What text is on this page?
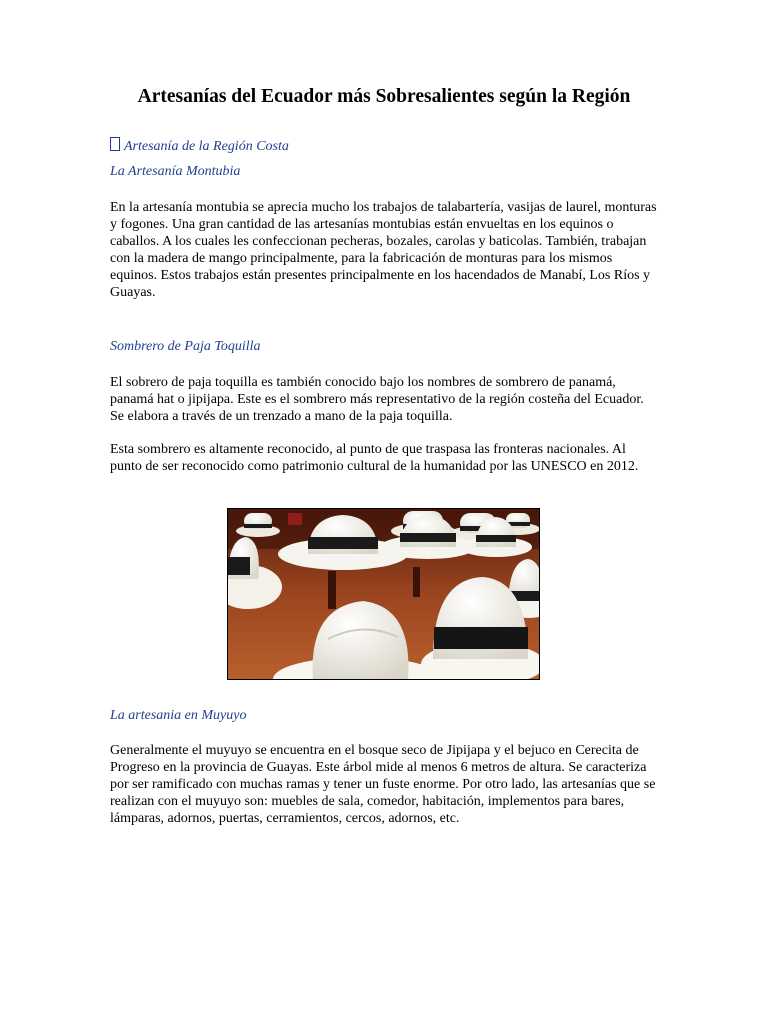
Artesanías del Ecuador más Sobresalientes según la Región
Artesanía de la Región Costa
La Artesanía Montubia

En la artesanía montubia se aprecia mucho los trabajos de talabartería, vasijas de laurel, monturas y fogones. Una gran cantidad de las artesanías montubias están envueltas en los equinos o caballos. A los cuales les confeccionan pecheras, bozales, carolas y baticolas. También, trabajan con la madera de mango principalmente, para la fabricación de monturas para los mismos equinos. Estos trabajos están presentes principalmente en los hacendados de Manabí, Los Ríos y Guayas.

Sombrero de Paja Toquilla

El sobrero de paja toquilla es también conocido bajo los nombres de sombrero de panamá, panamá hat o jipijapa. Este es el sombrero más representativo de la región costeña del Ecuador. Se elabora a través de un trenzado a mano de la paja toquilla.

Esta sombrero es altamente reconocido, al punto de que traspasa las fronteras nacionales. Al punto de ser reconocido como patrimonio cultural de la humanidad por las UNESCO en 2012.

La artesania en Muyuyo

Generalmente el muyuyo se encuentra en el bosque seco de Jipijapa y el bejuco en Cerecita de Progreso en la provincia de Guayas. Este árbol mide al menos 6 metros de altura. Se caracteriza por ser ramificado con muchas ramas y tener un fuste enorme. Por otro lado, las artesanías que se realizan con el muyuyo son: muebles de sala, comedor, habitación, implementos para bares, lámparas, adornos, puertas, cerramientos, cercos, adornos, etc.
